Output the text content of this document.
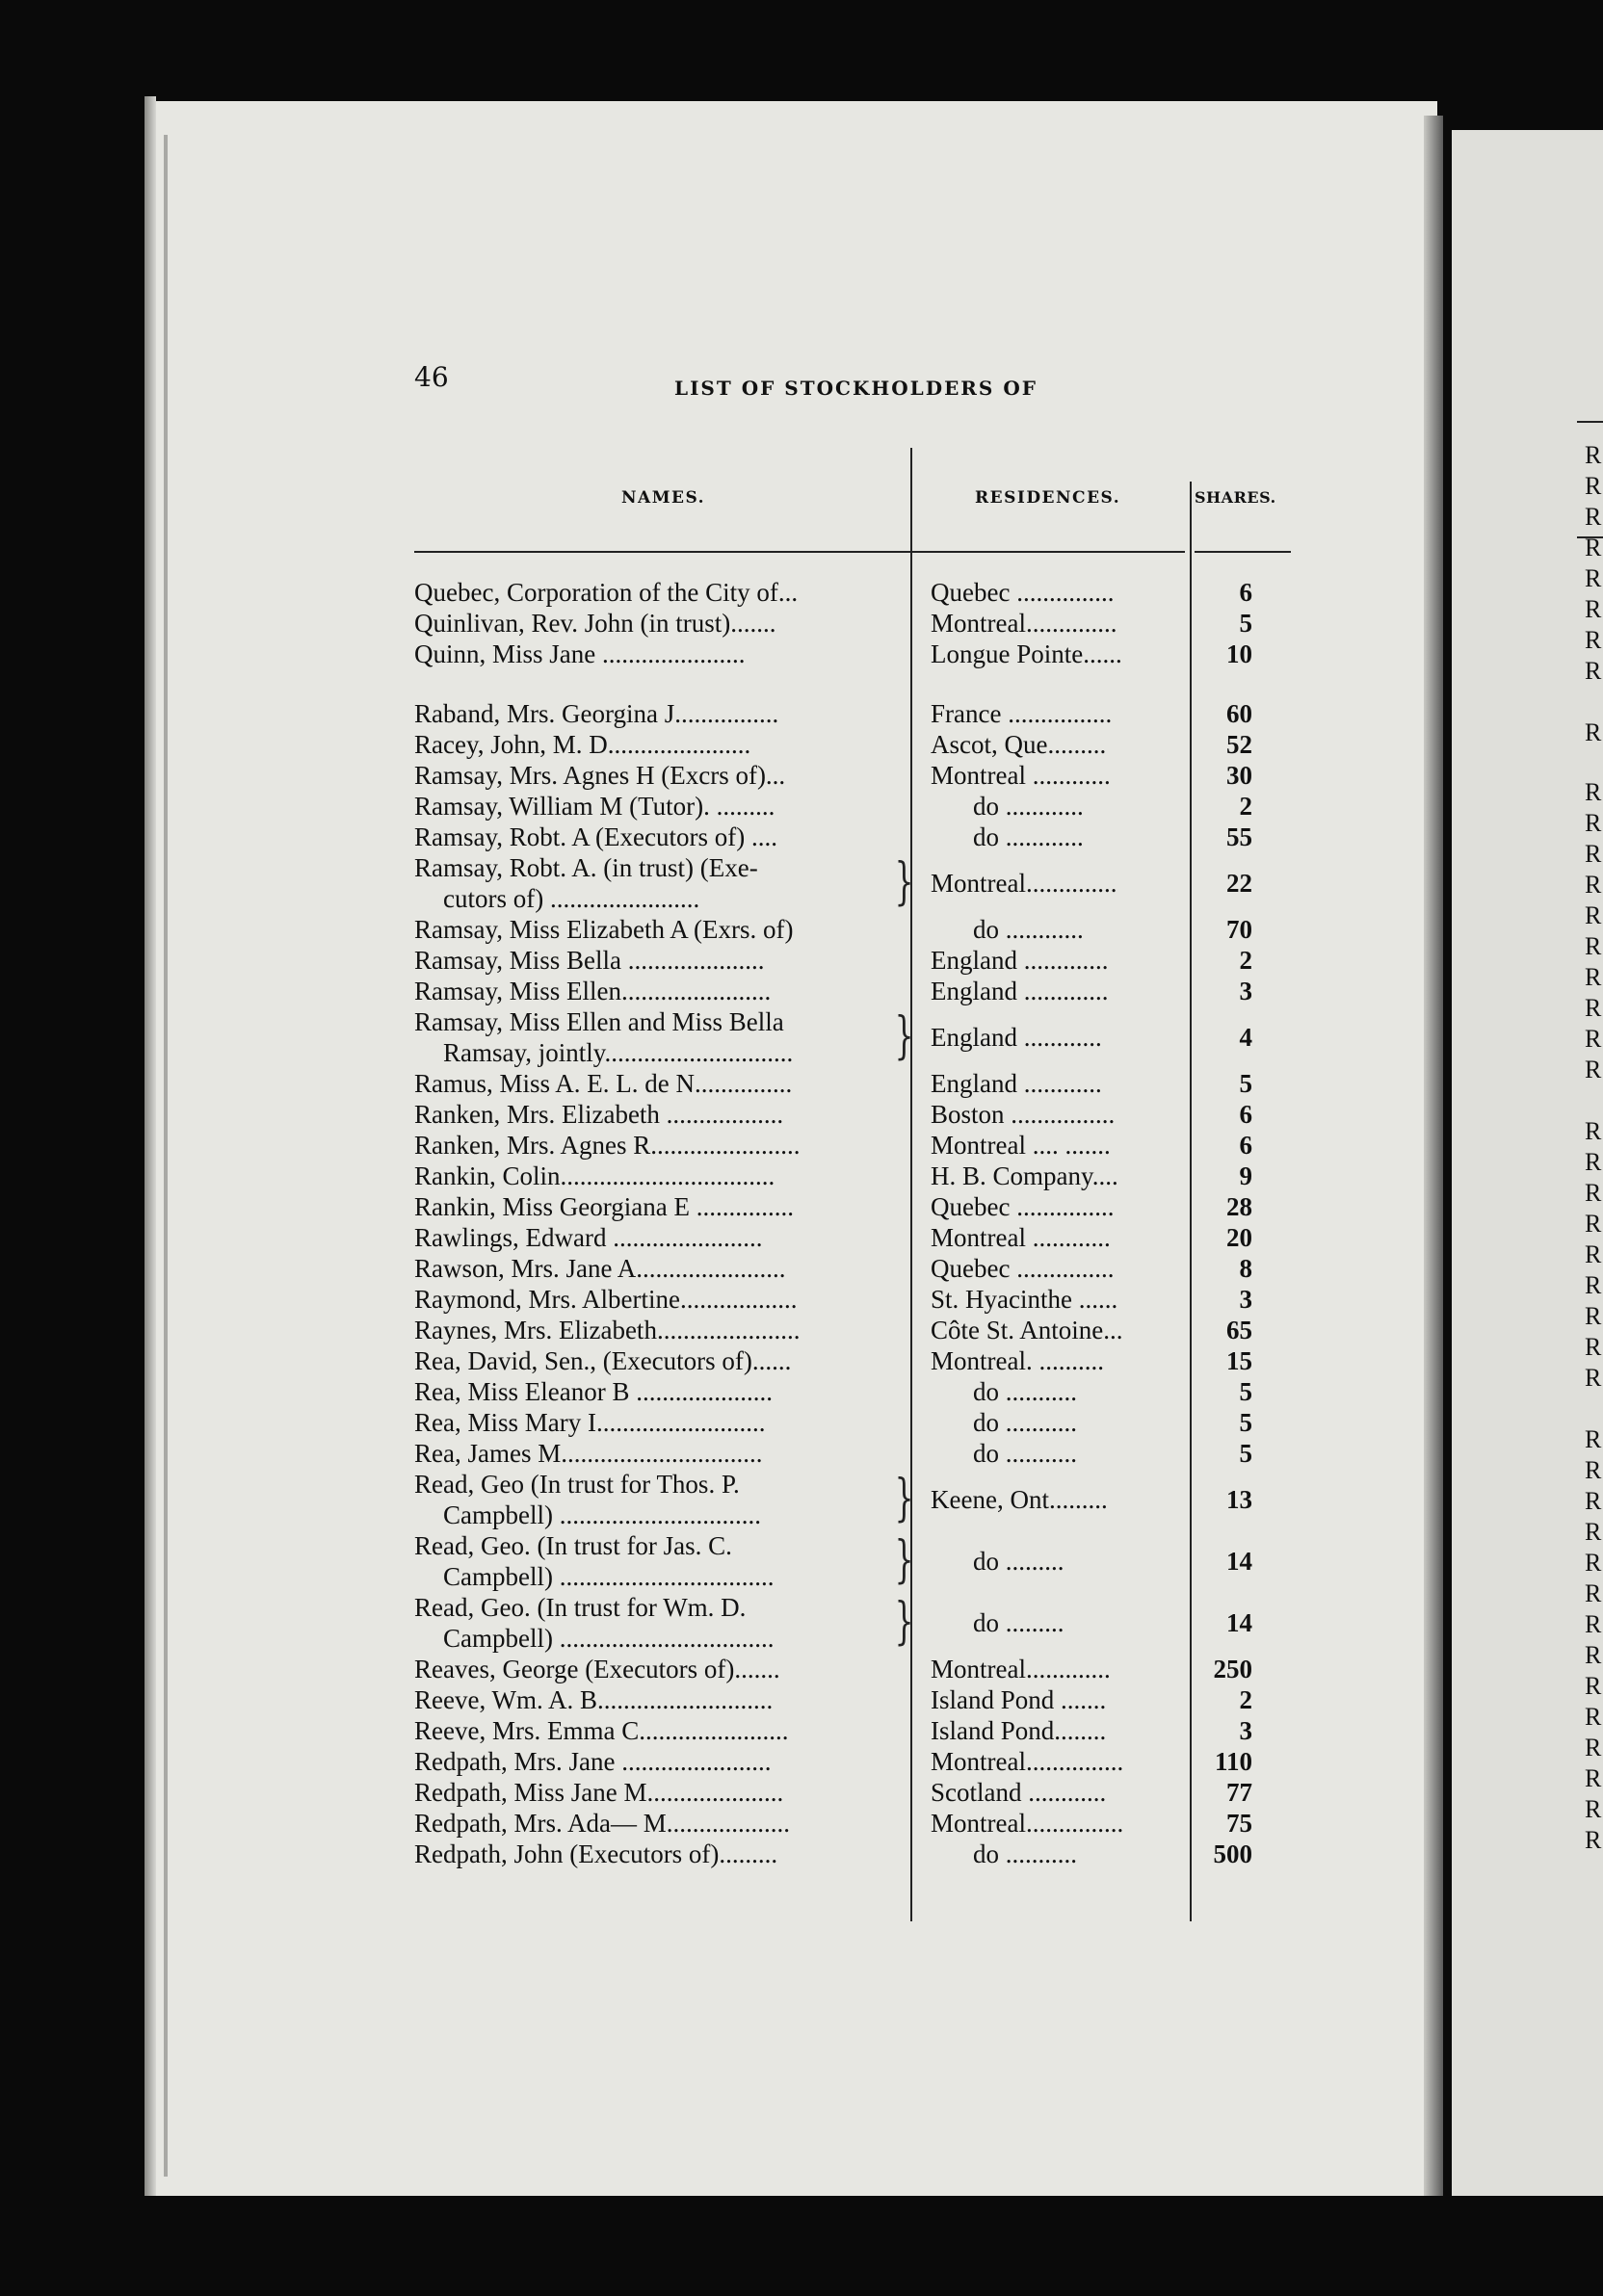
R
R
R
R
R
R
R
R
R
R
R
R
R
R
R
R
R
R
R
R
R
R
R
R
R
R
R
R
R
R
R
R
R
R
R
R
R
R
R
R
R
R
46	LIST OF STOCKHOLDERS OF
NAMES.	RESIDENCES.	SHARES.
Quebec, Corporation of the City of...	Quebec ...............	6
Quinlivan, Rev. John (in trust).......	Montreal..............	5
Quinn, Miss Jane ......................	Longue Pointe......	10
Raband, Mrs. Georgina J................	France ................	60
Racey, John, M. D......................	Ascot, Que.........	52
Ramsay, Mrs. Agnes H (Excrs of)...	Montreal ............	30
Ramsay, William M (Tutor). .........	do ............	2
Ramsay, Robt. A (Executors of) ....	do ............	55
Ramsay, Robt. A. (in trust) (Exe-
cutors of) .......................	} Montreal..............	22
Ramsay, Miss Elizabeth A (Exrs. of)	do ............	70
Ramsay, Miss Bella .....................	England .............	2
Ramsay, Miss Ellen.......................	England .............	3
Ramsay, Miss Ellen and Miss Bella
Ramsay, jointly.............................	} England ............	4
Ramus, Miss A. E. L. de N...............	England ............	5
Ranken, Mrs. Elizabeth ..................	Boston ................	6
Ranken, Mrs. Agnes R.......................	Montreal .... .......	6
Rankin, Colin.................................	H. B. Company....	9
Rankin, Miss Georgiana E ...............	Quebec ...............	28
Rawlings, Edward .......................	Montreal ............	20
Rawson, Mrs. Jane A.......................	Quebec ...............	8
Raymond, Mrs. Albertine..................	St. Hyacinthe ......	3
Raynes, Mrs. Elizabeth......................	Côte St. Antoine...	65
Rea, David, Sen., (Executors of)......	Montreal. ..........	15
Rea, Miss Eleanor B .....................	do ...........	5
Rea, Miss Mary I..........................	do ...........	5
Rea, James M...............................	do ...........	5
Read, Geo (In trust for Thos. P.
Campbell) ...............................	} Keene, Ont.........	13
Read, Geo. (In trust for Jas. C.
Campbell) .................................	} do .........	14
Read, Geo. (In trust for Wm. D.
Campbell) .................................	} do .........	14
Reaves, George (Executors of).......	Montreal.............	250
Reeve, Wm. A. B...........................	Island Pond .......	2
Reeve, Mrs. Emma C.......................	Island Pond........	3
Redpath, Mrs. Jane .......................	Montreal...............	110
Redpath, Miss Jane M.....................	Scotland ............	77
Redpath, Mrs. Ada— M...................	Montreal...............	75
Redpath, John (Executors of).........	do ...........	500
